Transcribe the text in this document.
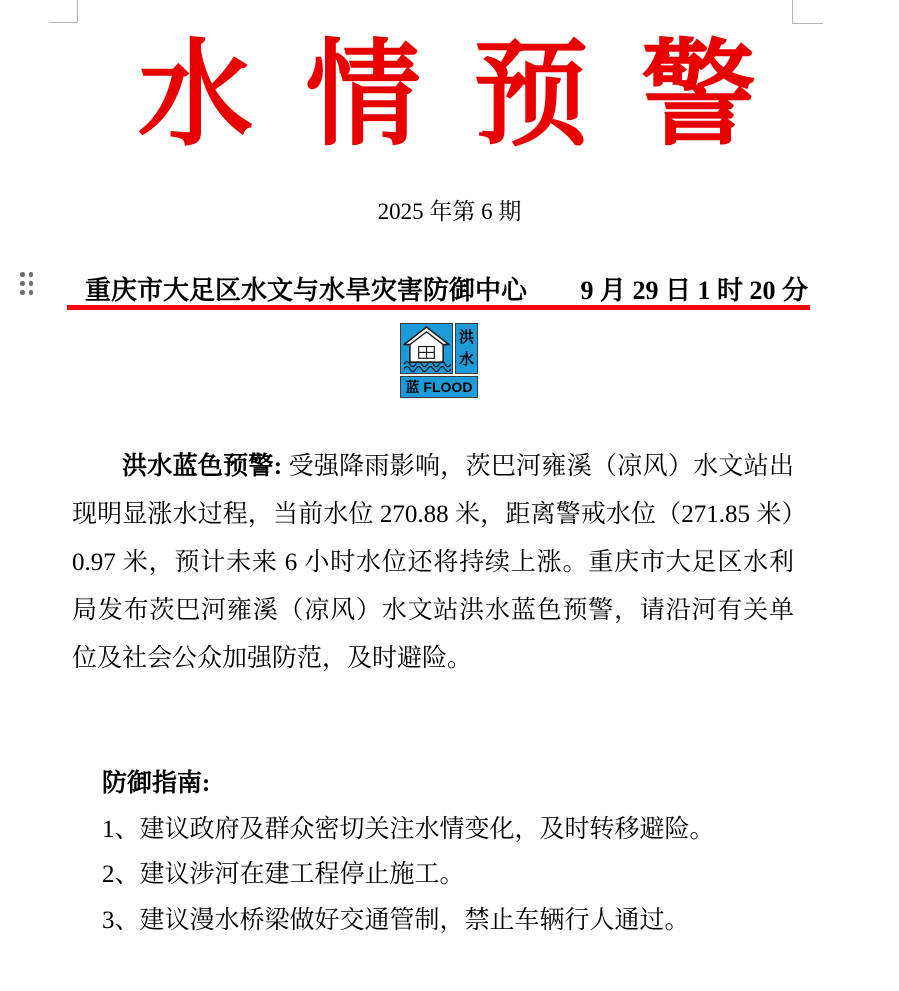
水 情 预 警
2025 年第 6 期
重庆市大足区水文与水旱灾害防御中心 9 月 29 日 1 时 20 分
洪
水
蓝 FLOOD
洪水蓝色预警: 受强降雨影响，茨巴河雍溪（凉风）水文站出现明显涨水过程，当前水位 270.88 米，距离警戒水位（271.85 米）0.97 米，预计未来 6 小时水位还将持续上涨。重庆市大足区水利局发布茨巴河雍溪（凉风）水文站洪水蓝色预警，请沿河有关单位及社会公众加强防范，及时避险。
防御指南:
1、建议政府及群众密切关注水情变化，及时转移避险。
2、建议涉河在建工程停止施工。
3、建议漫水桥梁做好交通管制，禁止车辆行人通过。
